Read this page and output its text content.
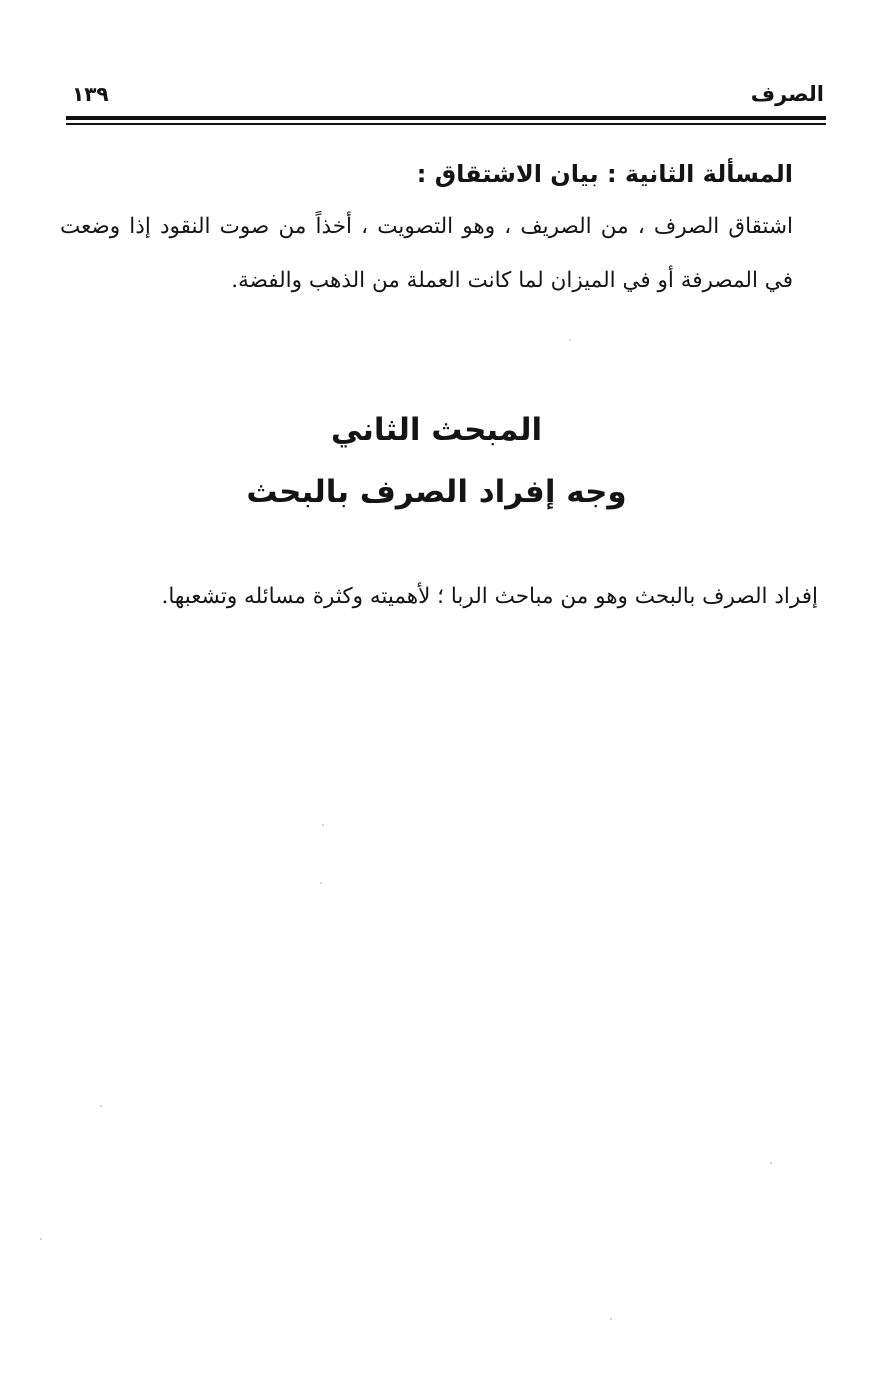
الصرف
١٣٩
المسألة الثانية : بيان الاشتقاق :
اشتقاق الصرف ، من الصريف ، وهو التصويت ، أخذاً من صوت النقود إذا وضعت في المصرفة أو في الميزان لما كانت العملة من الذهب والفضة.
المبحث الثاني
وجه إفراد الصرف بالبحث
إفراد الصرف بالبحث وهو من مباحث الربا ؛ لأهميته وكثرة مسائله وتشعبها.
